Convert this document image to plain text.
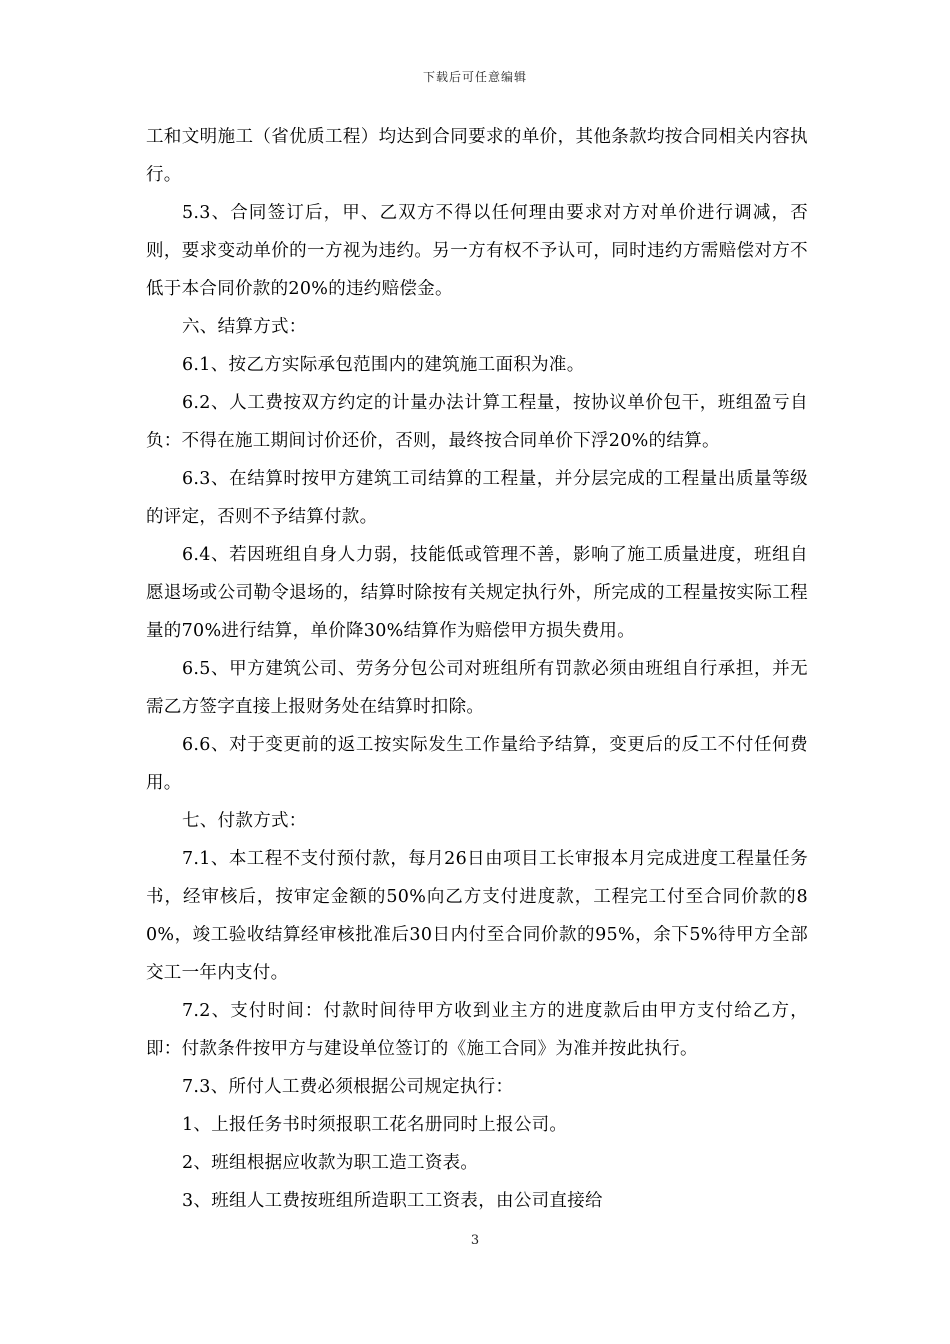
下载后可任意编辑

工和文明施工（省优质工程）均达到合同要求的单价，其他条款均按合同相关内容执行。

5.3、合同签订后，甲、乙双方不得以任何理由要求对方对单价进行调减，否则，要求变动单价的一方视为违约。另一方有权不予认可，同时违约方需赔偿对方不低于本合同价款的20%的违约赔偿金。

六、结算方式：

6.1、按乙方实际承包范围内的建筑施工面积为准。

6.2、人工费按双方约定的计量办法计算工程量，按协议单价包干，班组盈亏自负：不得在施工期间讨价还价，否则，最终按合同单价下浮20%的结算。

6.3、在结算时按甲方建筑工司结算的工程量，并分层完成的工程量出质量等级的评定，否则不予结算付款。

6.4、若因班组自身人力弱，技能低或管理不善，影响了施工质量进度，班组自愿退场或公司勒令退场的，结算时除按有关规定执行外，所完成的工程量按实际工程量的70%进行结算，单价降30%结算作为赔偿甲方损失费用。

6.5、甲方建筑公司、劳务分包公司对班组所有罚款必须由班组自行承担，并无需乙方签字直接上报财务处在结算时扣除。

6.6、对于变更前的返工按实际发生工作量给予结算，变更后的反工不付任何费用。

七、付款方式：

7.1、本工程不支付预付款，每月26日由项目工长审报本月完成进度工程量任务书，经审核后，按审定金额的50%向乙方支付进度款，工程完工付至合同价款的80%，竣工验收结算经审核批准后30日内付至合同价款的95%，余下5%待甲方全部交工一年内支付。

7.2、支付时间：付款时间待甲方收到业主方的进度款后由甲方支付给乙方，即：付款条件按甲方与建设单位签订的《施工合同》为准并按此执行。

7.3、所付人工费必须根据公司规定执行：

1、上报任务书时须报职工花名册同时上报公司。

2、班组根据应收款为职工造工资表。

3、班组人工费按班组所造职工工资表，由公司直接给

3
